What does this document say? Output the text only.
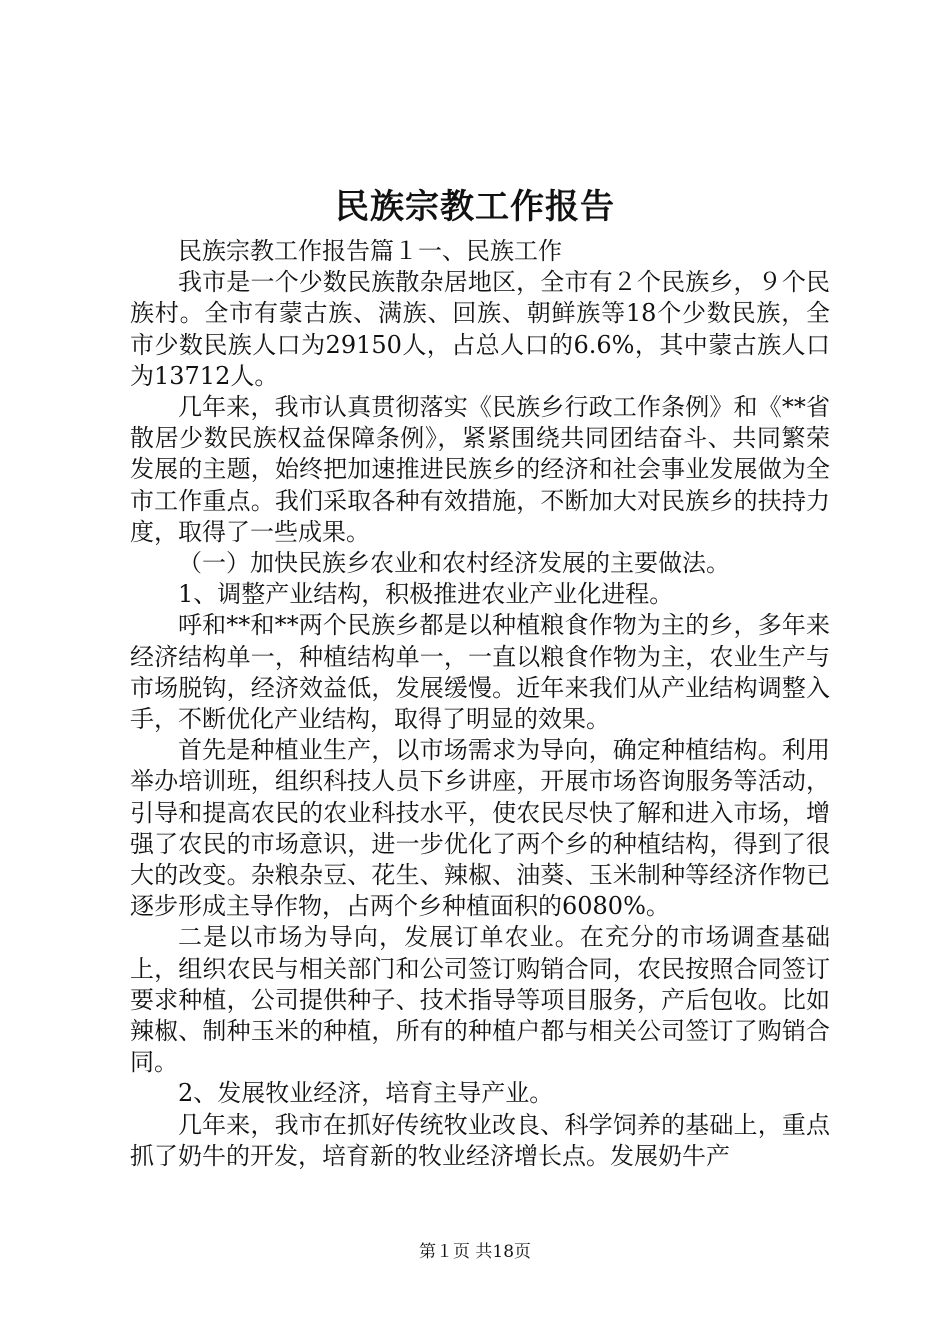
民族宗教工作报告

民族宗教工作报告篇１一、民族工作

我市是一个少数民族散杂居地区，全市有２个民族乡，９个民族村。全市有蒙古族、满族、回族、朝鲜族等18个少数民族，全市少数民族人口为29150人，占总人口的6.6%，其中蒙古族人口为13712人。

几年来，我市认真贯彻落实《民族乡行政工作条例》和《**省散居少数民族权益保障条例》，紧紧围绕共同团结奋斗、共同繁荣发展的主题，始终把加速推进民族乡的经济和社会事业发展做为全市工作重点。我们采取各种有效措施，不断加大对民族乡的扶持力度，取得了一些成果。

（一）加快民族乡农业和农村经济发展的主要做法。

1、调整产业结构，积极推进农业产业化进程。

呼和**和**两个民族乡都是以种植粮食作物为主的乡，多年来经济结构单一，种植结构单一，一直以粮食作物为主，农业生产与市场脱钩，经济效益低，发展缓慢。近年来我们从产业结构调整入手，不断优化产业结构，取得了明显的效果。

首先是种植业生产，以市场需求为导向，确定种植结构。利用举办培训班，组织科技人员下乡讲座，开展市场咨询服务等活动，引导和提高农民的农业科技水平，使农民尽快了解和进入市场，增强了农民的市场意识，进一步优化了两个乡的种植结构，得到了很大的改变。杂粮杂豆、花生、辣椒、油葵、玉米制种等经济作物已逐步形成主导作物，占两个乡种植面积的6080%。

二是以市场为导向，发展订单农业。在充分的市场调查基础上，组织农民与相关部门和公司签订购销合同，农民按照合同签订要求种植，公司提供种子、技术指导等项目服务，产后包收。比如辣椒、制种玉米的种植，所有的种植户都与相关公司签订了购销合同。

2、发展牧业经济，培育主导产业。

几年来，我市在抓好传统牧业改良、科学饲养的基础上，重点抓了奶牛的开发，培育新的牧业经济增长点。发展奶牛产

第１页 共18页
